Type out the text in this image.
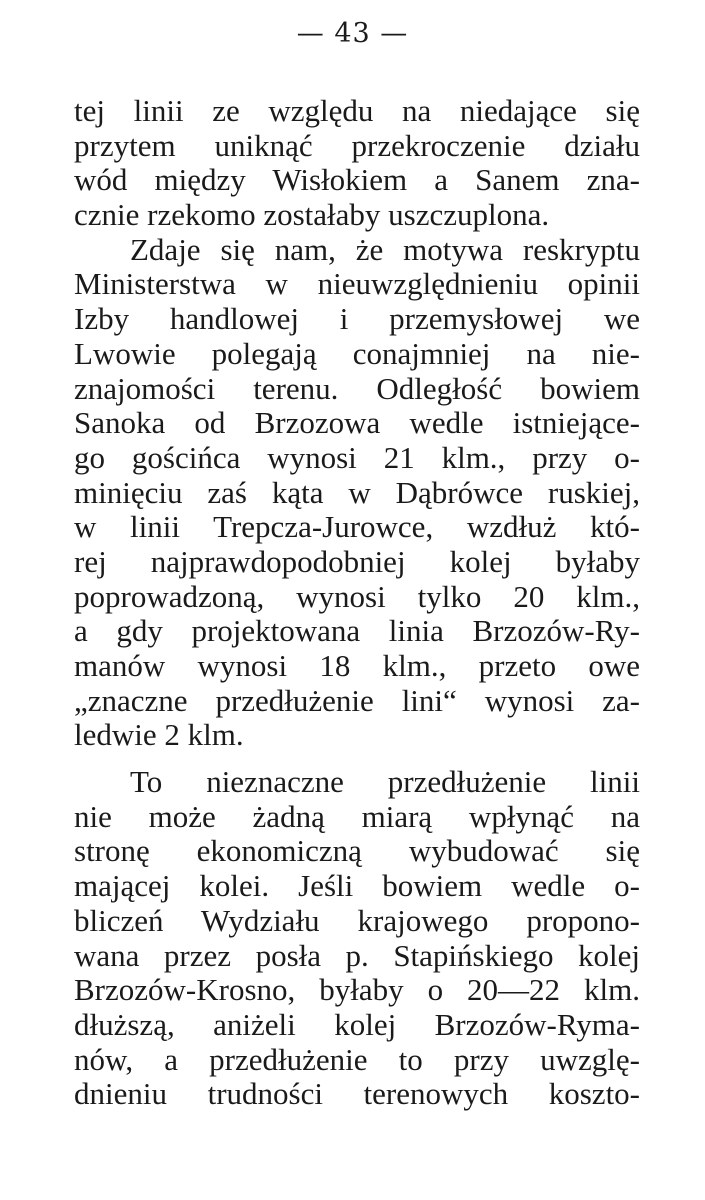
— 43 —
tej linii ze względu na niedające się
przytem uniknąć przekroczenie działu
wód między Wisłokiem a Sanem zna-
cznie rzekomo zostałaby uszczuplona.
Zdaje się nam, że motywa reskryptu
Ministerstwa w nieuwzględnieniu opinii
Izby handlowej i przemysłowej we
Lwowie polegają conajmniej na nie-
znajomości terenu. Odległość bowiem
Sanoka od Brzozowa wedle istniejące-
go gościńca wynosi 21 klm., przy o-
minięciu zaś kąta w Dąbrówce ruskiej,
w linii Trepcza-Jurowce, wzdłuż któ-
rej najprawdopodobniej kolej byłaby
poprowadzoną, wynosi tylko 20 klm.,
a gdy projektowana linia Brzozów-Ry-
manów wynosi 18 klm., przeto owe
„znaczne przedłużenie lini“ wynosi za-
ledwie 2 klm.
To nieznaczne przedłużenie linii
nie może żadną miarą wpłynąć na
stronę ekonomiczną wybudować się
mającej kolei. Jeśli bowiem wedle o-
bliczeń Wydziału krajowego propono-
wana przez posła p. Stapińskiego kolej
Brzozów-Krosno, byłaby o 20—22 klm.
dłuższą, aniżeli kolej Brzozów-Ryma-
nów, a przedłużenie to przy uwzglę-
dnieniu trudności terenowych koszto-
